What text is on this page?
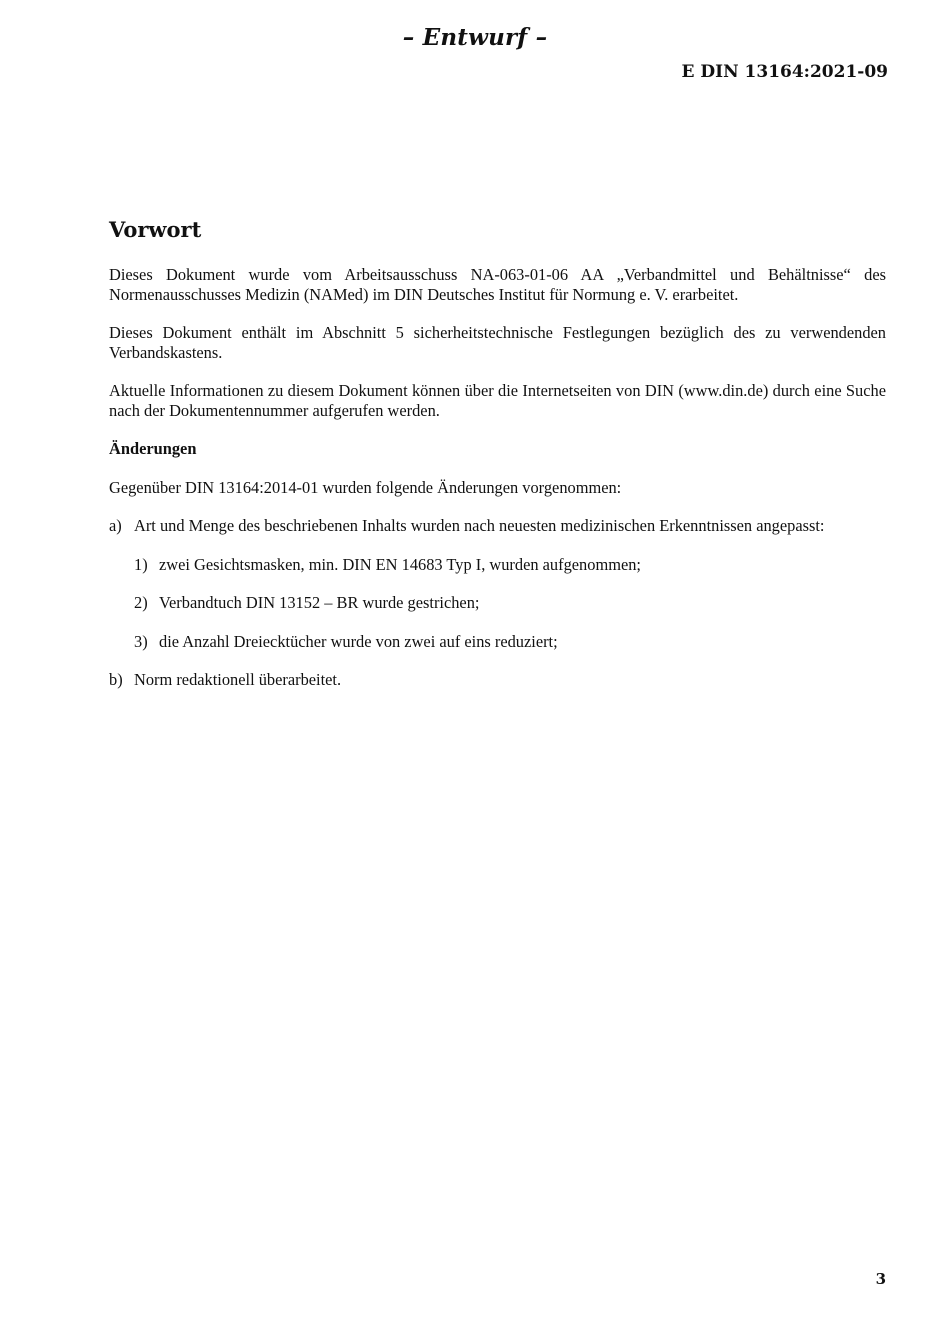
– Entwurf –

E DIN 13164:2021-09

Vorwort

Dieses Dokument wurde vom Arbeitsausschuss NA-063-01-06 AA „Verbandmittel und Behältnisse“ des Normenausschusses Medizin (NAMed) im DIN Deutsches Institut für Normung e. V. erarbeitet.

Dieses Dokument enthält im Abschnitt 5 sicherheitstechnische Festlegungen bezüglich des zu verwendenden Verbandskastens.

Aktuelle Informationen zu diesem Dokument können über die Internetseiten von DIN (www.din.de) durch eine Suche nach der Dokumentennummer aufgerufen werden.

Änderungen

Gegenüber DIN 13164:2014-01 wurden folgende Änderungen vorgenommen:

a) Art und Menge des beschriebenen Inhalts wurden nach neuesten medizinischen Erkenntnissen angepasst:
1) zwei Gesichtsmasken, min. DIN EN 14683 Typ I, wurden aufgenommen;
2) Verbandtuch DIN 13152 – BR wurde gestrichen;
3) die Anzahl Dreiecktücher wurde von zwei auf eins reduziert;
b) Norm redaktionell überarbeitet.

3
